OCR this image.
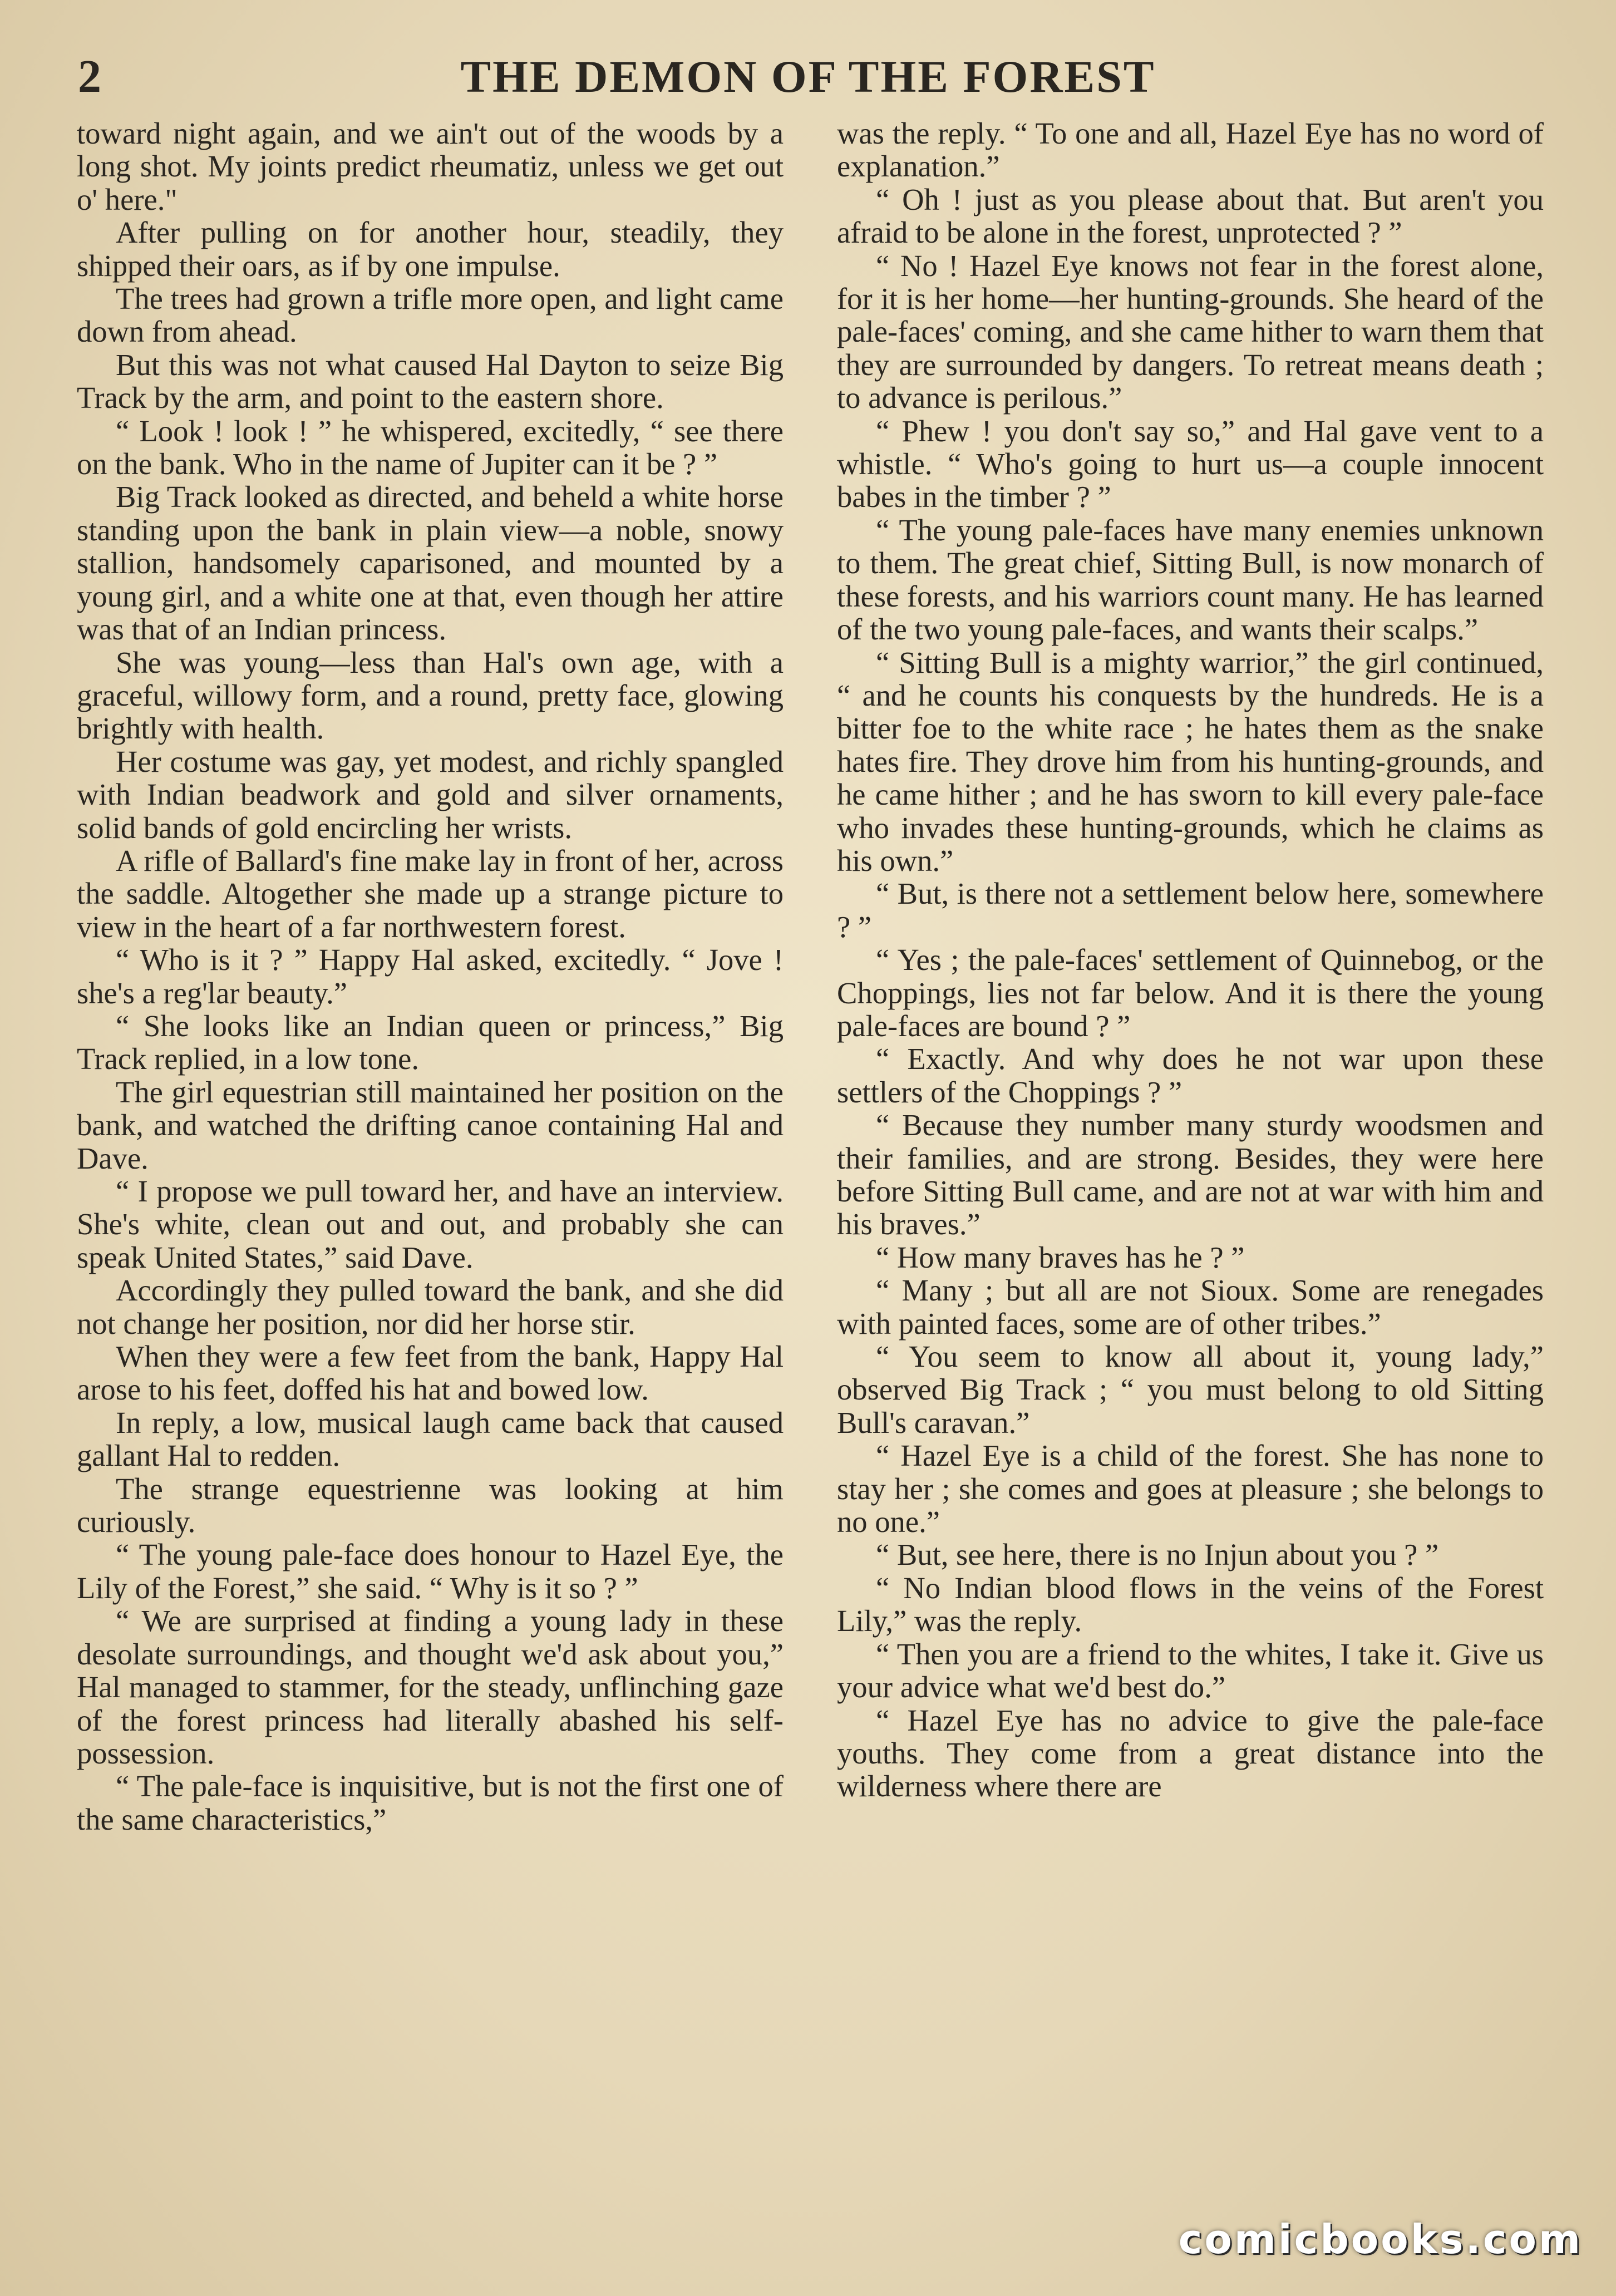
2	THE DEMON OF THE FOREST

toward night again, and we ain't out of the woods by a long shot. My joints predict rheumatiz, unless we get out o' here."

After pulling on for another hour, steadily, they shipped their oars, as if by one impulse.

The trees had grown a trifle more open, and light came down from ahead.

But this was not what caused Hal Dayton to seize Big Track by the arm, and point to the eastern shore.

“ Look ! look ! ” he whispered, excitedly, “ see there on the bank. Who in the name of Jupiter can it be ? ”

Big Track looked as directed, and beheld a white horse standing upon the bank in plain view—a noble, snowy stallion, handsomely caparisoned, and mounted by a young girl, and a white one at that, even though her attire was that of an Indian princess.

She was young—less than Hal's own age, with a graceful, willowy form, and a round, pretty face, glowing brightly with health.

Her costume was gay, yet modest, and richly spangled with Indian beadwork and gold and silver ornaments, solid bands of gold encircling her wrists.

A rifle of Ballard's fine make lay in front of her, across the saddle. Altogether she made up a strange picture to view in the heart of a far northwestern forest.

“ Who is it ? ” Happy Hal asked, excitedly. “ Jove ! she's a reg'lar beauty.”

“ She looks like an Indian queen or princess,” Big Track replied, in a low tone.

The girl equestrian still maintained her position on the bank, and watched the drifting canoe containing Hal and Dave.

“ I propose we pull toward her, and have an interview. She's white, clean out and out, and probably she can speak United States,” said Dave.

Accordingly they pulled toward the bank, and she did not change her position, nor did her horse stir.

When they were a few feet from the bank, Happy Hal arose to his feet, doffed his hat and bowed low.

In reply, a low, musical laugh came back that caused gallant Hal to redden.

The strange equestrienne was looking at him curiously.

“ The young pale-face does honour to Hazel Eye, the Lily of the Forest,” she said. “ Why is it so ? ”

“ We are surprised at finding a young lady in these desolate surroundings, and thought we'd ask about you,” Hal managed to stammer, for the steady, unflinching gaze of the forest princess had literally abashed his self-possession.

“ The pale-face is inquisitive, but is not the first one of the same characteristics,”

was the reply. “ To one and all, Hazel Eye has no word of explanation.”

“ Oh ! just as you please about that. But aren't you afraid to be alone in the forest, unprotected ? ”

“ No ! Hazel Eye knows not fear in the forest alone, for it is her home—her hunting-grounds. She heard of the pale-faces' coming, and she came hither to warn them that they are surrounded by dangers. To retreat means death ; to advance is perilous.”

“ Phew ! you don't say so,” and Hal gave vent to a whistle. “ Who's going to hurt us—a couple innocent babes in the timber ? ”

“ The young pale-faces have many enemies unknown to them. The great chief, Sitting Bull, is now monarch of these forests, and his warriors count many. He has learned of the two young pale-faces, and wants their scalps.”

“ Sitting Bull is a mighty warrior,” the girl continued, “ and he counts his conquests by the hundreds. He is a bitter foe to the white race ; he hates them as the snake hates fire. They drove him from his hunting-grounds, and he came hither ; and he has sworn to kill every pale-face who invades these hunting-grounds, which he claims as his own.”

“ But, is there not a settlement below here, somewhere ? ”

“ Yes ; the pale-faces' settlement of Quinnebog, or the Choppings, lies not far below. And it is there the young pale-faces are bound ? ”

“ Exactly. And why does he not war upon these settlers of the Choppings ? ”

“ Because they number many sturdy woodsmen and their families, and are strong. Besides, they were here before Sitting Bull came, and are not at war with him and his braves.”

“ How many braves has he ? ”

“ Many ; but all are not Sioux. Some are renegades with painted faces, some are of other tribes.”

“ You seem to know all about it, young lady,” observed Big Track ; “ you must belong to old Sitting Bull's caravan.”

“ Hazel Eye is a child of the forest. She has none to stay her ; she comes and goes at pleasure ; she belongs to no one.”

“ But, see here, there is no Injun about you ? ”

“ No Indian blood flows in the veins of the Forest Lily,” was the reply.

“ Then you are a friend to the whites, I take it. Give us your advice what we'd best do.”

“ Hazel Eye has no advice to give the pale-face youths. They come from a great distance into the wilderness where there are

comicbooks.com
